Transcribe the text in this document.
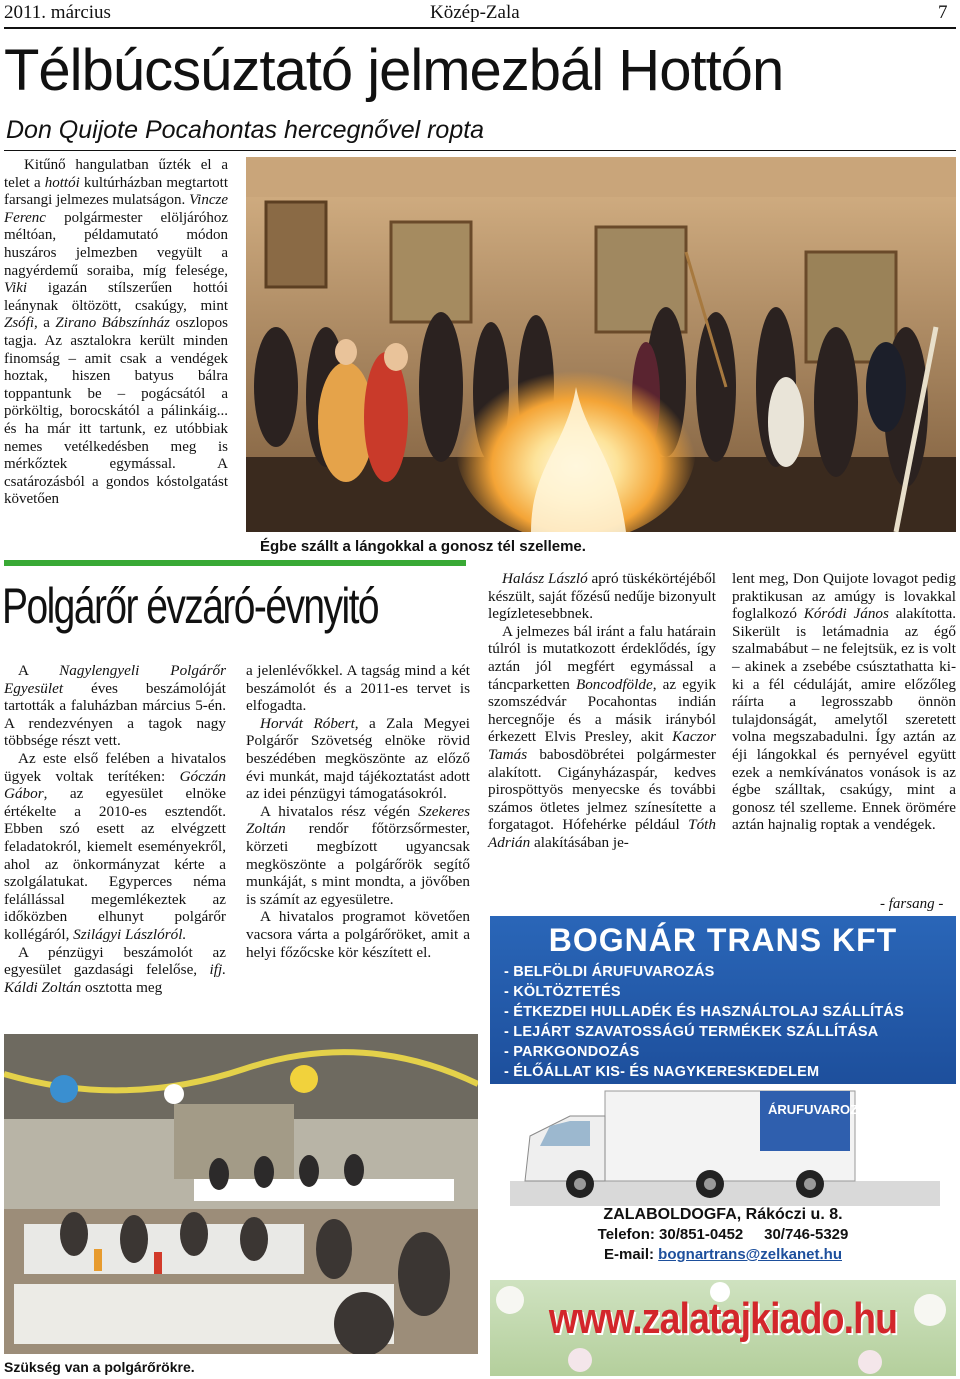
2011. március	Közép-Zala	7
Télbúcsúztató jelmezbál Hottón
Don Quijote Pocahontas hercegnővel ropta

Kitűnő hangulatban űzték el a telet a hottói kultúrházban megtartott farsangi jelmezes mulatságon. Vincze Ferenc polgármester elöljáróhoz méltóan, példamutató módon huszáros jelmezben vegyült a nagyérdemű soraiba, míg felesége, Viki igazán stílszerűen hottói leánynak öltözött, csakúgy, mint Zsófi, a Zirano Bábszínház oszlopos tagja. Az asztalokra került minden finomság – amit csak a vendégek hoztak, hiszen batyus bálra toppantunk be – pogácsától a pörköltig, borocskától a pálinkáig... és ha már itt tartunk, ez utóbbiak nemes vetélkedésben meg is mérkőztek egymással. A csatározásból a gondos kóstolgatást követően

Égbe szállt a lángokkal a gonosz tél szelleme.
Polgárőr évzáró-évnyitó

A Nagylengyeli Polgárőr Egyesület éves beszámolóját tartották a faluházban március 5-én. A rendezvényen a tagok nagy többsége részt vett.

Az este első felében a hivatalos ügyek voltak terítéken: Góczán Gábor, az egyesület elnöke értékelte a 2010-es esztendőt. Ebben szó esett az elvégzett feladatokról, kiemelt eseményekről, ahol az önkormányzat kérte a szolgálatukat. Egyperces néma felállással megemlékeztek az időközben elhunyt polgárőr kollégáról, Szilágyi Lászlóról.

A pénzügyi beszámolót az egyesület gazdasági felelőse, ifj. Káldi Zoltán osztotta meg

a jelenlévőkkel. A tagság mind a két beszámolót és a 2011-es tervet is elfogadta.

Horvát Róbert, a Zala Megyei Polgárőr Szövetség elnöke rövid beszédében megköszönte az előző évi munkát, majd tájékoztatást adott az idei pénzügyi támogatásokról.

A hivatalos rész végén Szekeres Zoltán rendőr főtörzsőrmester, körzeti megbízott ugyancsak megköszönte a polgárőrök segítő munkáját, s mint mondta, a jövőben is számít az egyesületre.

A hivatalos programot követően vacsora várta a polgárőröket, amit a helyi főzőcske kör készített el.

Halász László apró tüskékörtéjéből készült, saját főzésű nedűje bizonyult legízletesebbnek.

A jelmezes bál iránt a falu határain túlról is mutatkozott érdeklődés, így aztán jól megfért egymással a táncparketten Boncodfölde, az egyik szomszédvár Pocahontas indián hercegnője és a másik irányból érkezett Elvis Presley, akit Kaczor Tamás babosdöbrétei polgármester alakított. Cigányházaspár, kedves pirospöttyös menyecske és további számos ötletes jelmez színesítette a forgatagot. Hófehérke például Tóth Adrián alakításában je-

lent meg, Don Quijote lovagot pedig praktikusan az amúgy is lovakkal foglalkozó Kóródi János alakította. Sikerült is letámadnia az égő szalmabábut – ne felejtsük, ez is volt – akinek a zsebébe csúsztathatta ki-ki a fél céduláját, amire előzőleg ráírta a legrosszabb önnön tulajdonságát, amelytől szeretett volna megszabadulni. Így aztán az éji lángokkal és pernyével együtt ezek a nemkívánatos vonások is az égbe szálltak, csakúgy, mint a gonosz tél szelleme. Ennek örömére aztán hajnalig roptak a vendégek.

- farsang -
Szükség van a polgárőrökre.
BOGNÁR TRANS KFT
- BELFÖLDI ÁRUFUVAROZÁS
- KÖLTÖZTETÉS
- ÉTKEZDEI HULLADÉK ÉS HASZNÁLTOLAJ SZÁLLÍTÁS
- LEJÁRT SZAVATOSSÁGÚ TERMÉKEK SZÁLLÍTÁSA
- PARKGONDOZÁS
- ÉLŐÁLLAT KIS- ÉS NAGYKERESKEDELEM
ÁRUFUVAROZÁS
ZALABOLDOGFA, Rákóczi u. 8.
Telefon: 30/851-0452     30/746-5329
E-mail: bognartrans@zelkanet.hu
www.zalatajkiado.hu
